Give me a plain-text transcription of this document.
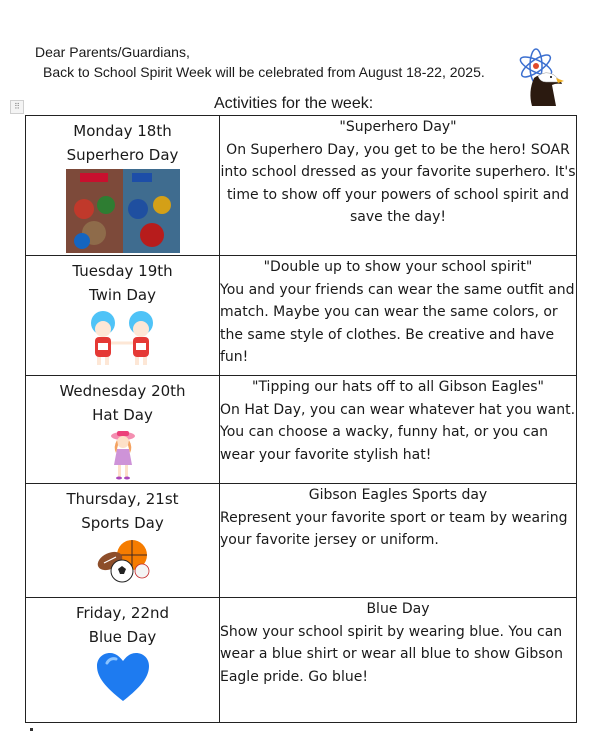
Dear Parents/Guardians,
Back to School Spirit Week will be celebrated from August 18-22, 2025.
⠿	Activities for the week:
Monday 18th
Superhero Day	"Superhero Day"
On Superhero Day, you get to be the hero! SOAR into school dressed as your favorite superhero. It's time to show off your powers of school spirit and save the day!

Tuesday 19th
Twin Day	"Double up to show your school spirit"
You and your friends can wear the same outfit and match. Maybe you can wear the same colors, or the same style of clothes. Be creative and have fun!

Wednesday 20th
Hat Day	"Tipping our hats off to all Gibson Eagles"
On Hat Day, you can wear whatever hat you want. You can choose a wacky, funny hat, or you can wear your favorite stylish hat!

Thursday, 21st
Sports Day	Gibson Eagles Sports day
Represent your favorite sport or team by wearing your favorite jersey or uniform.

Friday, 22nd
Blue Day	Blue Day
Show your school spirit by wearing blue. You can wear a blue shirt or wear all blue to show Gibson Eagle pride. Go blue!
